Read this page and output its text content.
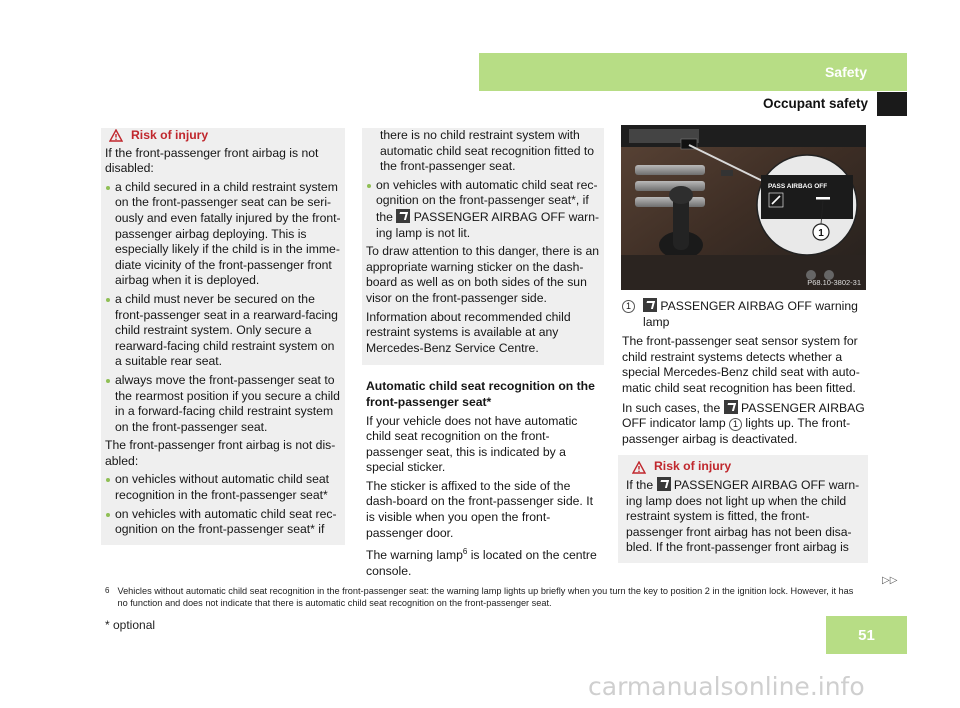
Safety
Occupant safety
Risk of injury

If the front-passenger front airbag is not disabled:

a child secured in a child restraint system on the front-passenger seat can be seri-ously and even fatally injured by the front-passenger airbag deploying. This is especially likely if the child is in the imme-diate vicinity of the front-passenger front airbag when it is deployed.
a child must never be secured on the front-passenger seat in a rearward-facing child restraint system. Only secure a rearward-facing child restraint system on a suitable rear seat.
always move the front-passenger seat to the rearmost position if you secure a child in a forward-facing child restraint system on the front-passenger seat.

The front-passenger front airbag is not dis-abled:

on vehicles without automatic child seat recognition in the front-passenger seat*
on vehicles with automatic child seat rec-ognition on the front-passenger seat* if

there is no child restraint system with automatic child seat recognition fitted to the front-passenger seat.

on vehicles with automatic child seat rec-ognition on the front-passenger seat*, if the PASSENGER AIRBAG OFF warn-ing lamp is not lit.

To draw attention to this danger, there is an appropriate warning sticker on the dash-board as well as on both sides of the sun visor on the front-passenger side.

Information about recommended child restraint systems is available at any Mercedes-Benz Service Centre.

Automatic child seat recognition on the front-passenger seat*

If your vehicle does not have automatic child seat recognition on the front-passenger seat, this is indicated by a special sticker.

The sticker is affixed to the side of the dash-board on the front-passenger side. It is visible when you open the front-passenger door.

The warning lamp$^6$ is located on the centre console.

PASS AIRBAG OFF
1
P68.10-3802-31
1	PASSENGER AIRBAG OFF warning lamp

The front-passenger seat sensor system for child restraint systems detects whether a special Mercedes-Benz child seat with auto-matic child seat recognition has been fitted.

In such cases, the PASSENGER AIRBAG OFF indicator lamp 1 lights up. The front-passenger airbag is deactivated.

Risk of injury

If the PASSENGER AIRBAG OFF warn-ing lamp does not light up when the child restraint system is fitted, the front-passenger front airbag has not been disa-bled. If the front-passenger front airbag is

6 Vehicles without automatic child seat recognition in the front-passenger seat: the warning lamp lights up briefly when you turn the key to position 2 in the ignition lock. However, it has no function and does not indicate that there is automatic child seat recognition on the front-passenger seat.
▷▷
* optional
51
carmanualsonline.info
